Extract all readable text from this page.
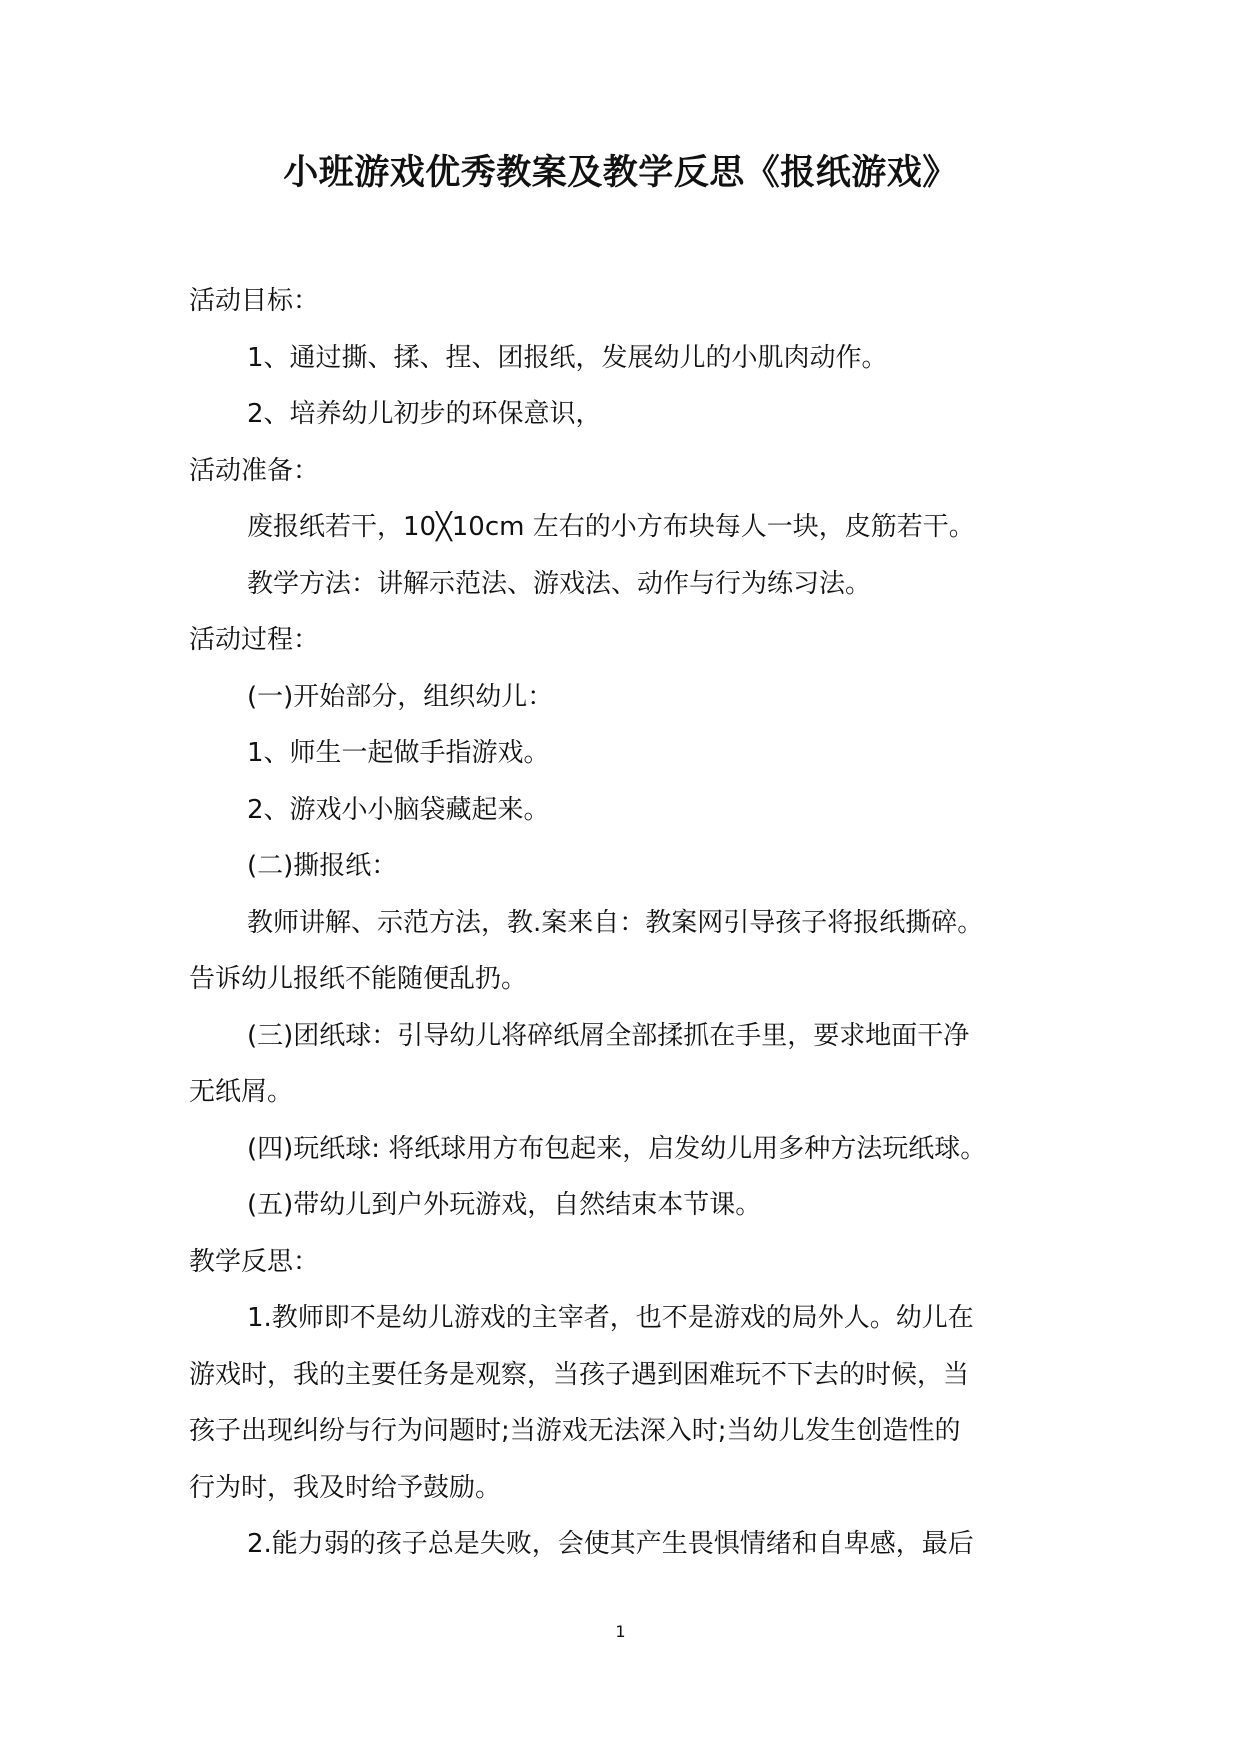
小班游戏优秀教案及教学反思《报纸游戏》

活动目标：

1、通过撕、揉、捏、团报纸，发展幼儿的小肌肉动作。

2、培养幼儿初步的环保意识，

活动准备：

废报纸若干，10╳10cm 左右的小方布块每人一块，皮筋若干。

教学方法：讲解示范法、游戏法、动作与行为练习法。

活动过程：

(一)开始部分，组织幼儿：

1、师生一起做手指游戏。

2、游戏小小脑袋藏起来。

(二)撕报纸：

教师讲解、示范方法，教.案来自：教案网引导孩子将报纸撕碎。

告诉幼儿报纸不能随便乱扔。

(三)团纸球：引导幼儿将碎纸屑全部揉抓在手里，要求地面干净

无纸屑。

(四)玩纸球: 将纸球用方布包起来，启发幼儿用多种方法玩纸球。

(五)带幼儿到户外玩游戏，自然结束本节课。

教学反思：

1.教师即不是幼儿游戏的主宰者，也不是游戏的局外人。幼儿在

游戏时，我的主要任务是观察，当孩子遇到困难玩不下去的时候，当

孩子出现纠纷与行为问题时;当游戏无法深入时;当幼儿发生创造性的

行为时，我及时给予鼓励。

2.能力弱的孩子总是失败，会使其产生畏惧情绪和自卑感，最后

1
